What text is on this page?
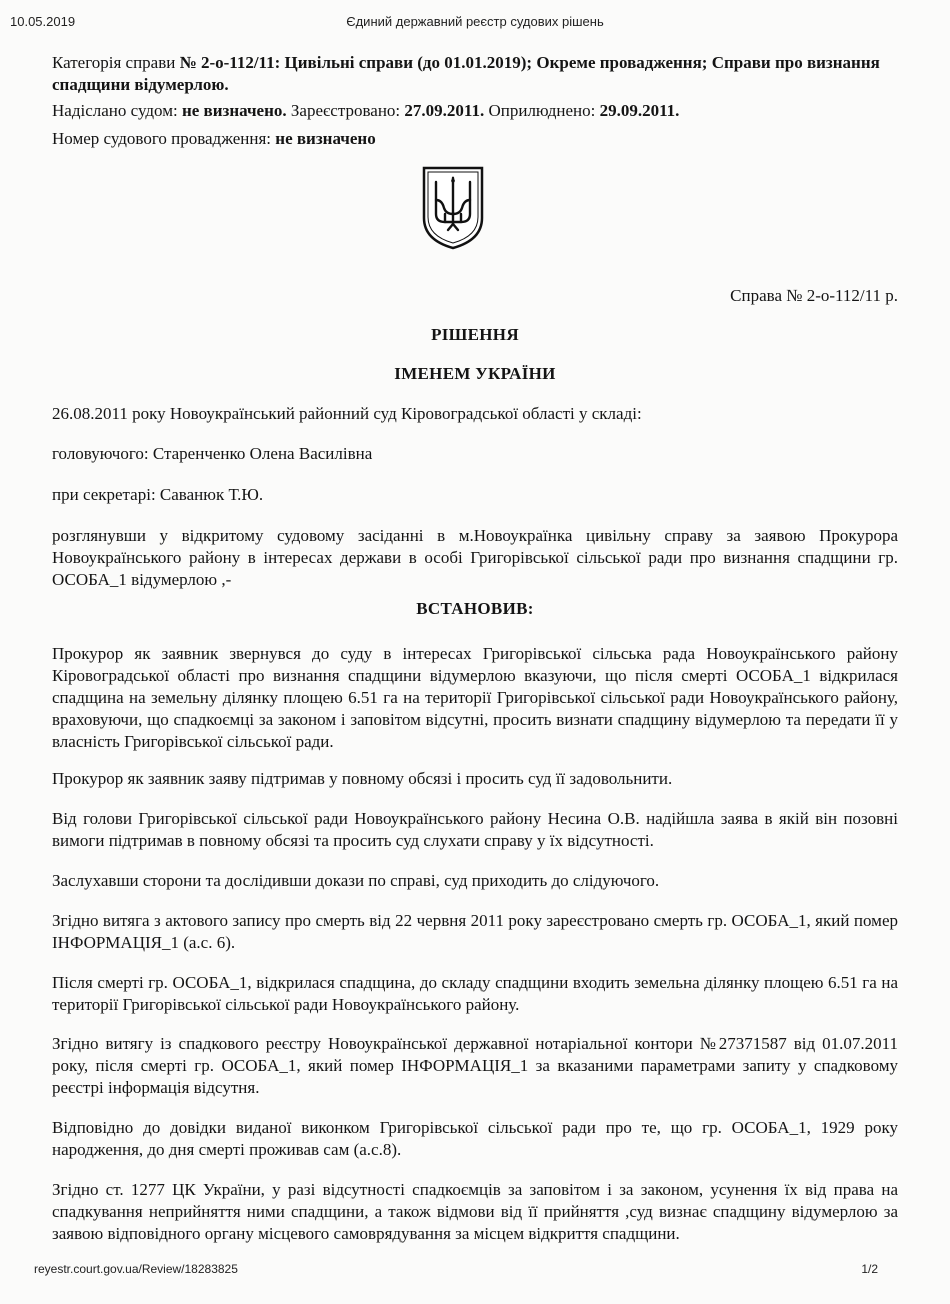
10.05.2019	Єдиний державний реєстр судових рішень

Категорія справи № 2-о-112/11: Цивільні справи (до 01.01.2019); Окреме провадження; Справи про визнання спадщини відумерлою.

Надіслано судом: не визначено. Зареєстровано: 27.09.2011. Оприлюднено: 29.09.2011.

Номер судового провадження: не визначено

Справа № 2-о-112/11 р.
РІШЕННЯ
ІМЕНЕМ УКРАЇНИ
26.08.2011 року Новоукраїнський районний суд Кіровоградської області у складі:
головуючого: Старенченко Олена Василівна
при секретарі: Саванюк Т.Ю.
розглянувши у відкритому судовому засіданні в м.Новоукраїнка цивільну справу за заявою Прокурора Новоукраїнського району в інтересах держави в особі Григорівської сільської ради про визнання спадщини гр. ОСОБА_1 відумерлою ,-
ВСТАНОВИВ:
Прокурор як заявник звернувся до суду в інтересах Григорівської сільська рада Новоукраїнського району Кіровоградської області про визнання спадщини відумерлою вказуючи, що після смерті ОСОБА_1 відкрилася спадщина на земельну ділянку площею 6.51 га на території Григорівської сільської ради Новоукраїнського району, враховуючи, що спадкоємці за законом і заповітом відсутні, просить визнати спадщину відумерлою та передати її у власність Григорівської сільської ради.
Прокурор як заявник заяву підтримав у повному обсязі і просить суд її задовольнити.
Від голови Григорівської сільської ради Новоукраїнського району Несина О.В. надійшла заява в якій він позовні вимоги підтримав в повному обсязі та просить суд слухати справу у їх відсутності.
Заслухавши сторони та дослідивши докази по справі, суд приходить до слідуючого.
Згідно витяга з актового запису про смерть від 22 червня 2011 року зареєстровано смерть гр. ОСОБА_1, який помер ІНФОРМАЦІЯ_1 (а.с. 6).
Після смерті гр. ОСОБА_1, відкрилася спадщина, до складу спадщини входить земельна ділянку площею 6.51 га на території Григорівської сільської ради Новоукраїнського району.
Згідно витягу із спадкового реєстру Новоукраїнської державної нотаріальної контори №27371587 від 01.07.2011 року, після смерті гр. ОСОБА_1, який помер ІНФОРМАЦІЯ_1 за вказаними параметрами запиту у спадковому реєстрі інформація відсутня.
Відповідно до довідки виданої виконком Григорівської сільської ради про те, що гр. ОСОБА_1, 1929 року народження, до дня смерті проживав сам (а.с.8).
Згідно ст. 1277 ЦК України, у разі відсутності спадкоємців за заповітом і за законом, усунення їх від права на спадкування неприйняття ними спадщини, а також відмови від її прийняття ,суд визнає спадщину відумерлою за заявою відповідного органу місцевого самоврядування за місцем відкриття спадщини.
reyestr.court.gov.ua/Review/18283825	1/2
